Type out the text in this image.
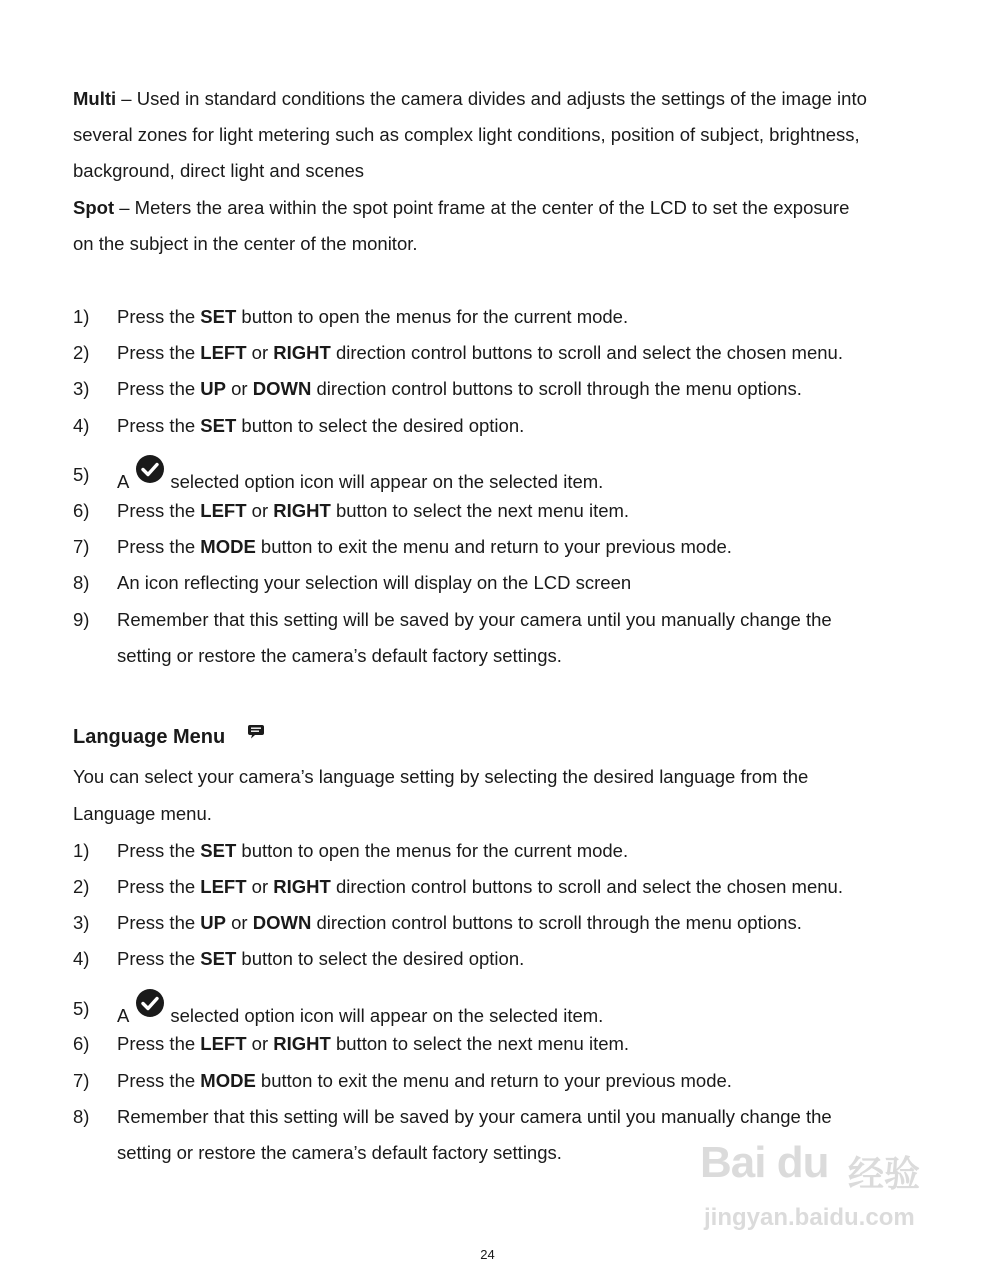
Multi – Used in standard conditions the camera divides and adjusts the settings of the image into
several zones for light metering such as complex light conditions, position of subject, brightness,
background, direct light and scenes
Spot – Meters the area within the spot point frame at the center of the LCD to set the exposure
on the subject in the center of the monitor.
1)	Press the SET button to open the menus for the current mode.
2)	Press the LEFT or RIGHT direction control buttons to scroll and select the chosen menu.
3)	Press the UP or DOWN direction control buttons to scroll through the menu options.
4)	Press the SET button to select the desired option.
5)	A selected option icon will appear on the selected item.
6)	Press the LEFT or RIGHT button to select the next menu item.
7)	Press the MODE button to exit the menu and return to your previous mode.
8)	An icon reflecting your selection will display on the LCD screen
9)	Remember that this setting will be saved by your camera until you manually change the
setting or restore the camera’s default factory settings.
Language Menu
You can select your camera’s language setting by selecting the desired language from the
Language menu.
1)	Press the SET button to open the menus for the current mode.
2)	Press the LEFT or RIGHT direction control buttons to scroll and select the chosen menu.
3)	Press the UP or DOWN direction control buttons to scroll through the menu options.
4)	Press the SET button to select the desired option.
5)	A selected option icon will appear on the selected item.
6)	Press the LEFT or RIGHT button to select the next menu item.
7)	Press the MODE button to exit the menu and return to your previous mode.
8)	Remember that this setting will be saved by your camera until you manually change the
setting or restore the camera’s default factory settings.	Bai du 经验
jingyan.baidu.com
24
